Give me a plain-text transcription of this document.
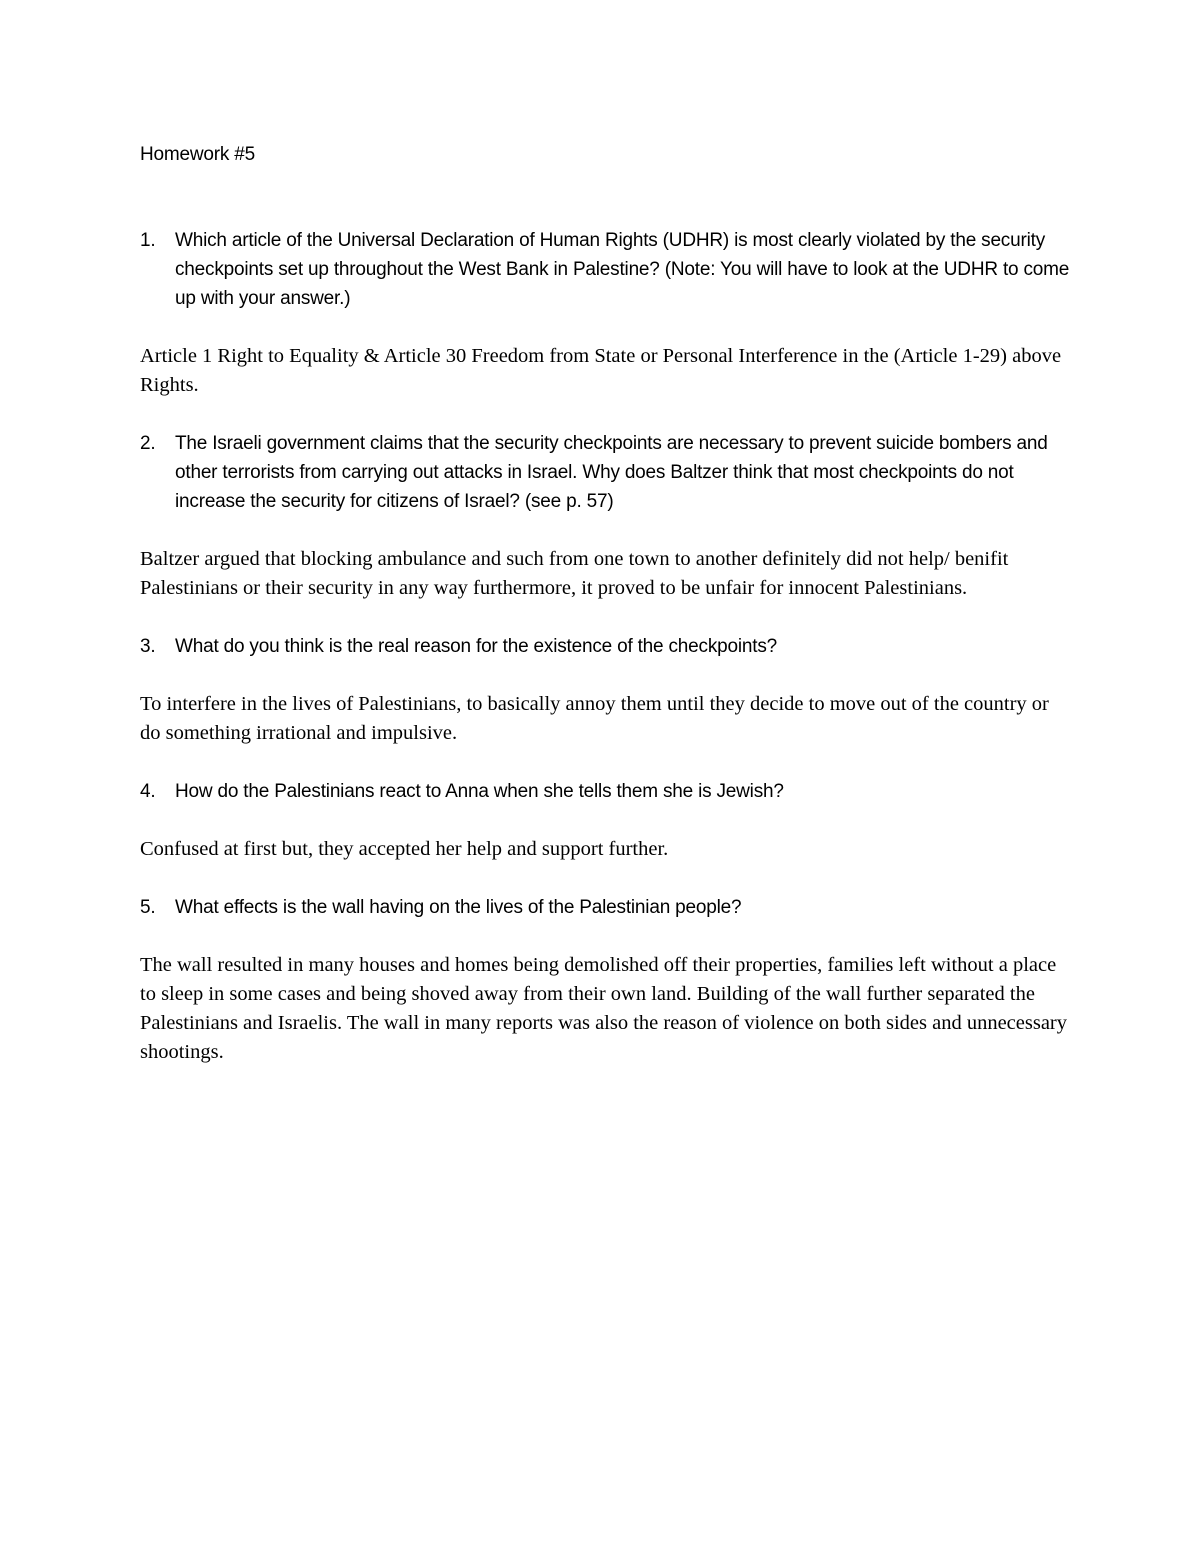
Homework #5
1.	Which article of the Universal Declaration of Human Rights (UDHR) is most clearly violated by the security checkpoints set up throughout the West Bank in Palestine? (Note: You will have to look at the UDHR to come up with your answer.)
Article 1 Right to Equality & Article 30 Freedom from State or Personal Interference in the (Article 1-29) above Rights.
2.	The Israeli government claims that the security checkpoints are necessary to prevent suicide bombers and other terrorists from carrying out attacks in Israel. Why does Baltzer think that most checkpoints do not increase the security for citizens of Israel? (see p. 57)
Baltzer argued that blocking ambulance and such from one town to another definitely did not help/ benifit Palestinians or their security in any way furthermore, it proved to be unfair for innocent Palestinians.
3.	What do you think is the real reason for the existence of the checkpoints?
To interfere in the lives of Palestinians, to basically annoy them until they decide to move out of the country or do something irrational and impulsive.
4.	How do the Palestinians react to Anna when she tells them she is Jewish?
Confused at first but, they accepted her help and support further.
5.	What effects is the wall having on the lives of the Palestinian people?
The wall resulted in many houses and homes being demolished off their properties, families left without a place to sleep in some cases and being shoved away from their own land. Building of the wall further separated the Palestinians and Israelis. The wall in many reports was also the reason of violence on both sides and unnecessary shootings.
